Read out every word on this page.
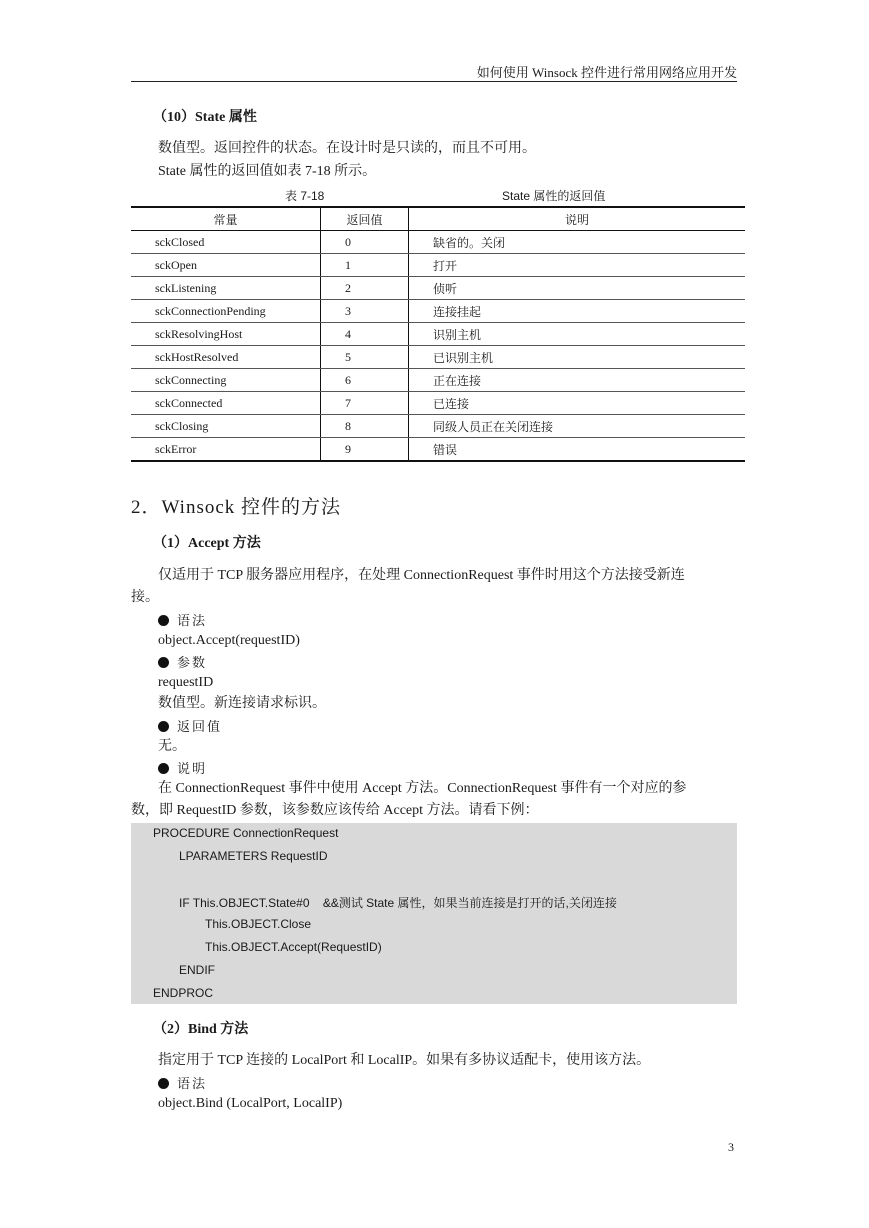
如何使用 Winsock 控件进行常用网络应用开发
（10）State 属性
数值型。返回控件的状态。在设计时是只读的，而且不可用。
State 属性的返回值如表 7-18 所示。
表 7-18	State 属性的返回值
常量	返回值	说明
sckClosed	0	缺省的。关闭
sckOpen	1	打开
sckListening	2	侦听
sckConnectionPending	3	连接挂起
sckResolvingHost	4	识别主机
sckHostResolved	5	已识别主机
sckConnecting	6	正在连接
sckConnected	7	已连接
sckClosing	8	同级人员正在关闭连接
sckError	9	错误
2．Winsock 控件的方法
（1）Accept 方法
仅适用于 TCP 服务器应用程序，在处理 ConnectionRequest 事件时用这个方法接受新连
接。
语法
object.Accept(requestID)
参数
requestID
数值型。新连接请求标识。
返回值
无。
说明
在 ConnectionRequest 事件中使用 Accept 方法。ConnectionRequest 事件有一个对应的参
数，即 RequestID 参数，该参数应该传给 Accept 方法。请看下例：
PROCEDURE ConnectionRequest
LPARAMETERS RequestID
IF This.OBJECT.State#0    &&测试 State 属性，如果当前连接是打开的话,关闭连接
This.OBJECT.Close
This.OBJECT.Accept(RequestID)
ENDIF
ENDPROC
（2）Bind 方法
指定用于 TCP 连接的 LocalPort 和 LocalIP。如果有多协议适配卡，使用该方法。
语法
object.Bind (LocalPort, LocalIP)
3
